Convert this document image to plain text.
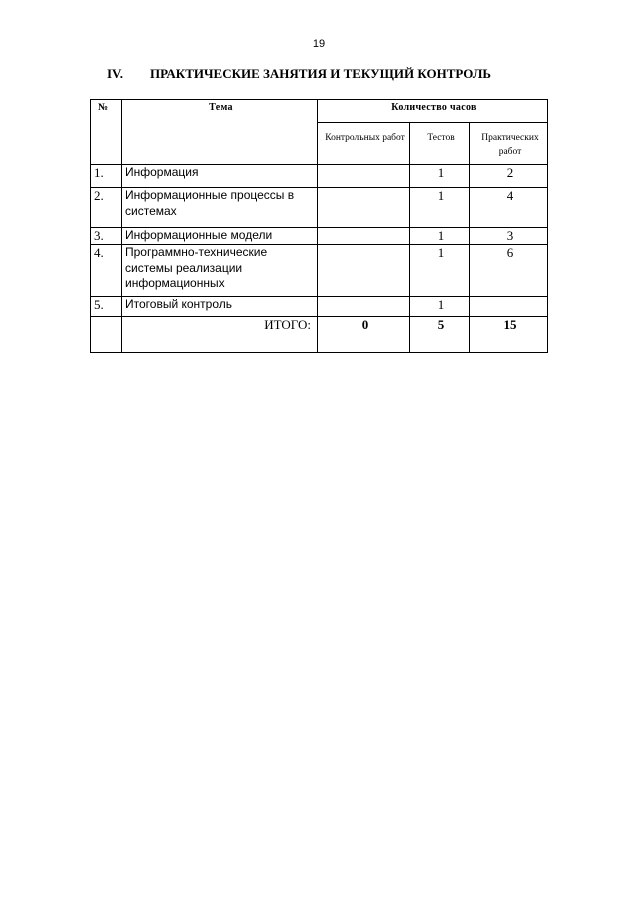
19
IV. ПРАКТИЧЕСКИЕ ЗАНЯТИЯ И ТЕКУЩИЙ КОНТРОЛЬ
№	Тема	Количество часов		
		Контрольных работ	Тестов	Практических работ
1.	Информация		1	2
2.	Информационные процессы в системах		1	4
3.	Информационные модели		1	3
4.	Программно-технические системы реализации информационных		1	6
5.	Итоговый контроль		1	
	ИТОГО:	0	5	15
